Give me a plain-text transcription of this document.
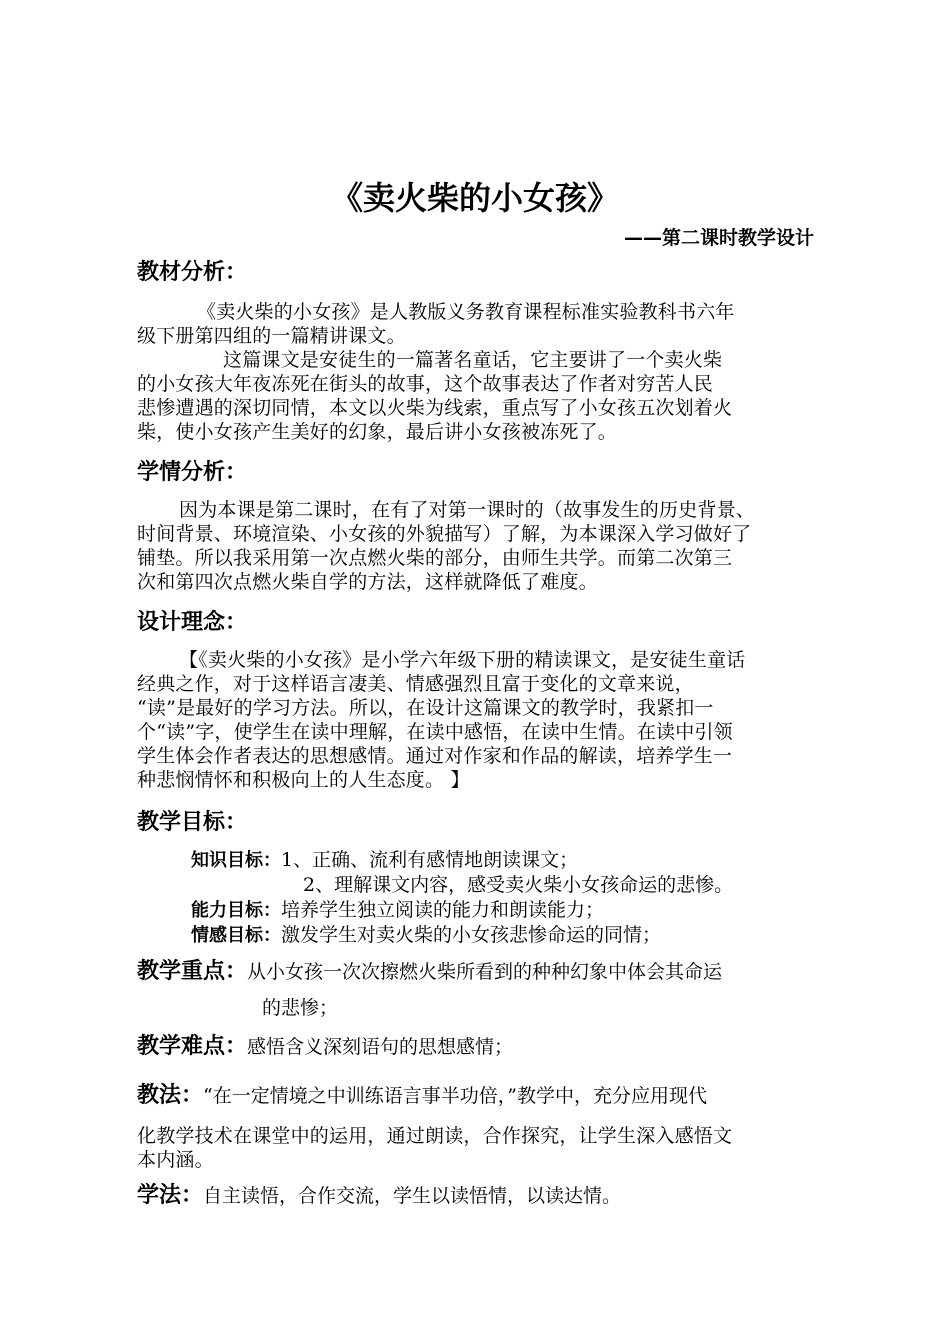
《卖火柴的小女孩》
——第二课时教学设计
教材分析：
《卖火柴的小女孩》是人教版义务教育课程标准实验教科书六年
级下册第四组的一篇精讲课文。
这篇课文是安徒生的一篇著名童话，它主要讲了一个卖火柴
的小女孩大年夜冻死在街头的故事，这个故事表达了作者对穷苦人民
悲惨遭遇的深切同情，本文以火柴为线索，重点写了小女孩五次划着火
柴，使小女孩产生美好的幻象，最后讲小女孩被冻死了。
学情分析：
因为本课是第二课时，在有了对第一课时的（故事发生的历史背景、
时间背景、环境渲染、小女孩的外貌描写）了解，为本课深入学习做好了
铺垫。所以我采用第一次点燃火柴的部分，由师生共学。而第二次第三
次和第四次点燃火柴自学的方法，这样就降低了难度。
设计理念：
【《卖火柴的小女孩》是小学六年级下册的精读课文，是安徒生童话
经典之作，对于这样语言凄美、情感强烈且富于变化的文章来说，
“读”是最好的学习方法。所以，在设计这篇课文的教学时，我紧扣一
个“读”字，使学生在读中理解，在读中感悟，在读中生情。在读中引领
学生体会作者表达的思想感情。通过对作家和作品的解读，培养学生一
种悲悯情怀和积极向上的人生态度。 】
教学目标：
知识目标：1、正确、流利有感情地朗读课文；
2、理解课文内容，感受卖火柴小女孩命运的悲惨。
能力目标：培养学生独立阅读的能力和朗读能力；
情感目标：激发学生对卖火柴的小女孩悲惨命运的同情；
教学重点：从小女孩一次次擦燃火柴所看到的种种幻象中体会其命运
的悲惨；
教学难点：感悟含义深刻语句的思想感情；
教法：“在一定情境之中训练语言事半功倍，”教学中，充分应用现代
化教学技术在课堂中的运用，通过朗读，合作探究，让学生深入感悟文
本内涵。
学法：自主读悟，合作交流，学生以读悟情，以读达情。
